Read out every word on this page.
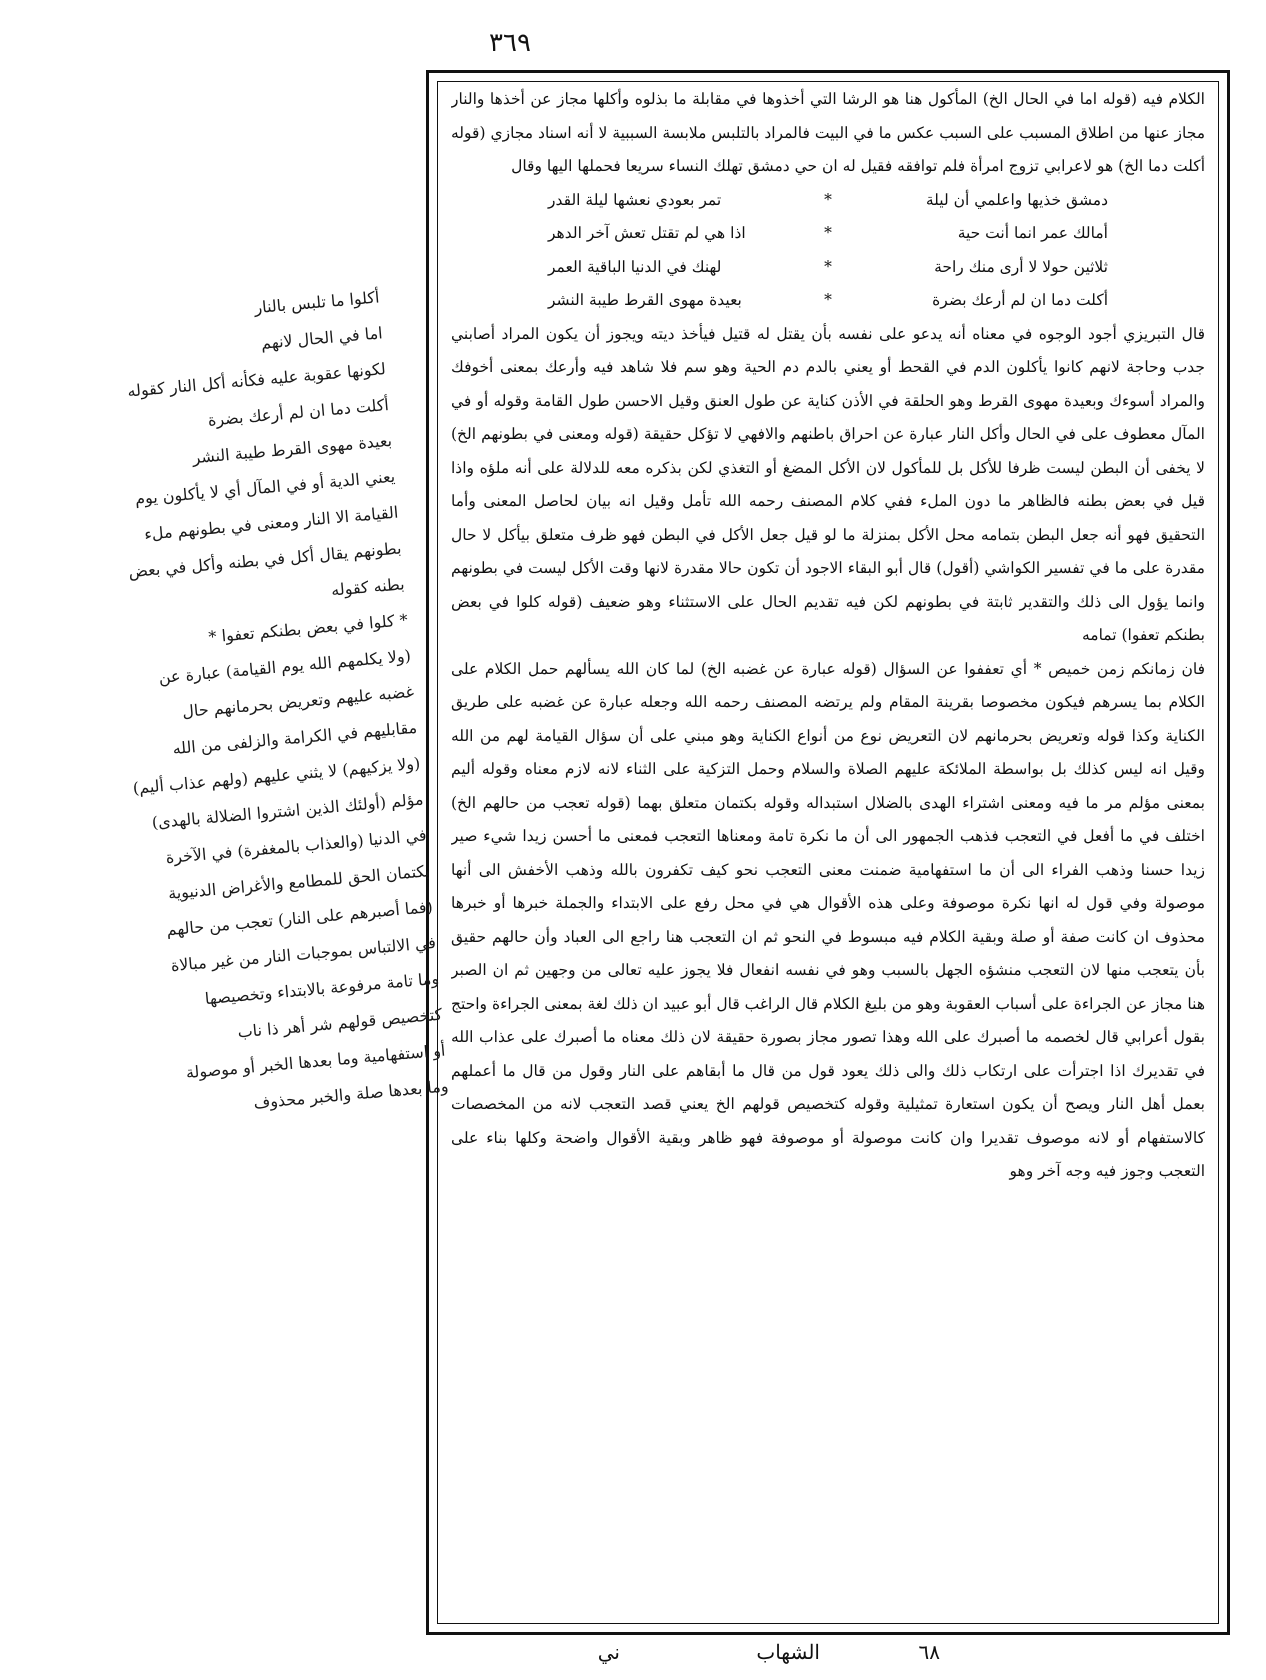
٣٦٩

الكلام فيه (قوله اما في الحال الخ) المأكول هنا هو الرشا التي أخذوها في مقابلة ما بذلوه وأكلها مجاز عن أخذها والنار مجاز عنها من اطلاق المسبب على السبب عكس ما في البيت فالمراد بالتلبس ملابسة السببية لا أنه اسناد مجازي (قوله أكلت دما الخ) هو لاعرابي تزوج امرأة فلم توافقه فقيل له ان حي دمشق تهلك النساء سريعا فحملها اليها وقال

دمشق خذيها واعلمي أن ليلة
*
تمر بعودي نعشها ليلة القدر
أمالك عمر انما أنت حية
*
اذا هي لم تقتل تعش آخر الدهر
ثلاثين حولا لا أرى منك راحة
*
لهنك في الدنيا الباقية العمر
أكلت دما ان لم أرعك بضرة
*
بعيدة مهوى القرط طيبة النشر

قال التبريزي أجود الوجوه في معناه أنه يدعو على نفسه بأن يقتل له قتيل فيأخذ ديته ويجوز أن يكون المراد أصابني جدب وحاجة لانهم كانوا يأكلون الدم في القحط أو يعني بالدم دم الحية وهو سم فلا شاهد فيه وأرعك بمعنى أخوفك والمراد أسوءك وبعيدة مهوى القرط وهو الحلقة في الأذن كناية عن طول العنق وقيل الاحسن طول القامة وقوله أو في المآل معطوف على في الحال وأكل النار عبارة عن احراق باطنهم والافهي لا تؤكل حقيقة (قوله ومعنى في بطونهم الخ) لا يخفى أن البطن ليست ظرفا للأكل بل للمأكول لان الأكل المضغ أو التغذي لكن بذكره معه للدلالة على أنه ملؤه واذا قيل في بعض بطنه فالظاهر ما دون الملء ففي كلام المصنف رحمه الله تأمل وقيل انه بيان لحاصل المعنى وأما التحقيق فهو أنه جعل البطن بتمامه محل الأكل بمنزلة ما لو قيل جعل الأكل في البطن فهو ظرف متعلق بيأكل لا حال مقدرة على ما في تفسير الكواشي (أقول) قال أبو البقاء الاجود أن تكون حالا مقدرة لانها وقت الأكل ليست في بطونهم وانما يؤول الى ذلك والتقدير ثابتة في بطونهم لكن فيه تقديم الحال على الاستثناء وهو ضعيف (قوله كلوا في بعض بطنكم تعفوا) تمامه

فان زمانكم زمن خميص * أي تعففوا عن السؤال (قوله عبارة عن غضبه الخ) لما كان الله يسألهم حمل الكلام على الكلام بما يسرهم فيكون مخصوصا بقرينة المقام ولم يرتضه المصنف رحمه الله وجعله عبارة عن غضبه على طريق الكناية وكذا قوله وتعريض بحرمانهم لان التعريض نوع من أنواع الكناية وهو مبني على أن سؤال القيامة لهم من الله وقيل انه ليس كذلك بل بواسطة الملائكة عليهم الصلاة والسلام وحمل التزكية على الثناء لانه لازم معناه وقوله أليم بمعنى مؤلم مر ما فيه ومعنى اشتراء الهدى بالضلال استبداله وقوله بكتمان متعلق بهما (قوله تعجب من حالهم الخ) اختلف في ما أفعل في التعجب فذهب الجمهور الى أن ما نكرة تامة ومعناها التعجب فمعنى ما أحسن زيدا شيء صير زيدا حسنا وذهب الفراء الى أن ما استفهامية ضمنت معنى التعجب نحو كيف تكفرون بالله وذهب الأخفش الى أنها موصولة وفي قول له انها نكرة موصوفة وعلى هذه الأقوال هي في محل رفع على الابتداء والجملة خبرها أو خبرها محذوف ان كانت صفة أو صلة وبقية الكلام فيه مبسوط في النحو ثم ان التعجب هنا راجع الى العباد وأن حالهم حقيق بأن يتعجب منها لان التعجب منشؤه الجهل بالسبب وهو في نفسه انفعال فلا يجوز عليه تعالى من وجهين ثم ان الصبر هنا مجاز عن الجراءة على أسباب العقوبة وهو من بليغ الكلام قال الراغب قال أبو عبيد ان ذلك لغة بمعنى الجراءة واحتج بقول أعرابي قال لخصمه ما أصبرك على الله وهذا تصور مجاز بصورة حقيقة لان ذلك معناه ما أصبرك على عذاب الله في تقديرك اذا اجترأت على ارتكاب ذلك والى ذلك يعود قول من قال ما أبقاهم على النار وقول من قال ما أعملهم بعمل أهل النار ويصح أن يكون استعارة تمثيلية وقوله كتخصيص قولهم الخ يعني قصد التعجب لانه من المخصصات كالاستفهام أو لانه موصوف تقديرا وان كانت موصولة أو موصوفة فهو ظاهر وبقية الأقوال واضحة وكلها بناء على التعجب وجوز فيه وجه آخر وهو

أكلوا ما تلبس بالنار

اما في الحال لانهم

لكونها عقوبة عليه فكأنه أكل النار كقوله

أكلت دما ان لم أرعك بضرة

بعيدة مهوى القرط طيبة النشر

يعني الدية أو في المآل أي لا يأكلون يوم

القيامة الا النار ومعنى في بطونهم ملء

بطونهم يقال أكل في بطنه وأكل في بعض

بطنه كقوله

* كلوا في بعض بطنكم تعفوا *

(ولا يكلمهم الله يوم القيامة) عبارة عن

غضبه عليهم وتعريض بحرمانهم حال

مقابليهم في الكرامة والزلفى من الله

(ولا يزكيهم) لا يثني عليهم (ولهم عذاب أليم)

مؤلم (أولئك الذين اشتروا الضلالة بالهدى)

في الدنيا (والعذاب بالمغفرة) في الآخرة

بكتمان الحق للمطامع والأغراض الدنيوية

(فما أصبرهم على النار) تعجب من حالهم

في الالتباس بموجبات النار من غير مبالاة

وما تامة مرفوعة بالابتداء وتخصيصها

كتخصيص قولهم شر أهر ذا ناب

أو استفهامية وما بعدها الخبر أو موصولة

وما بعدها صلة والخبر محذوف

٦٨
الشهاب
ني
